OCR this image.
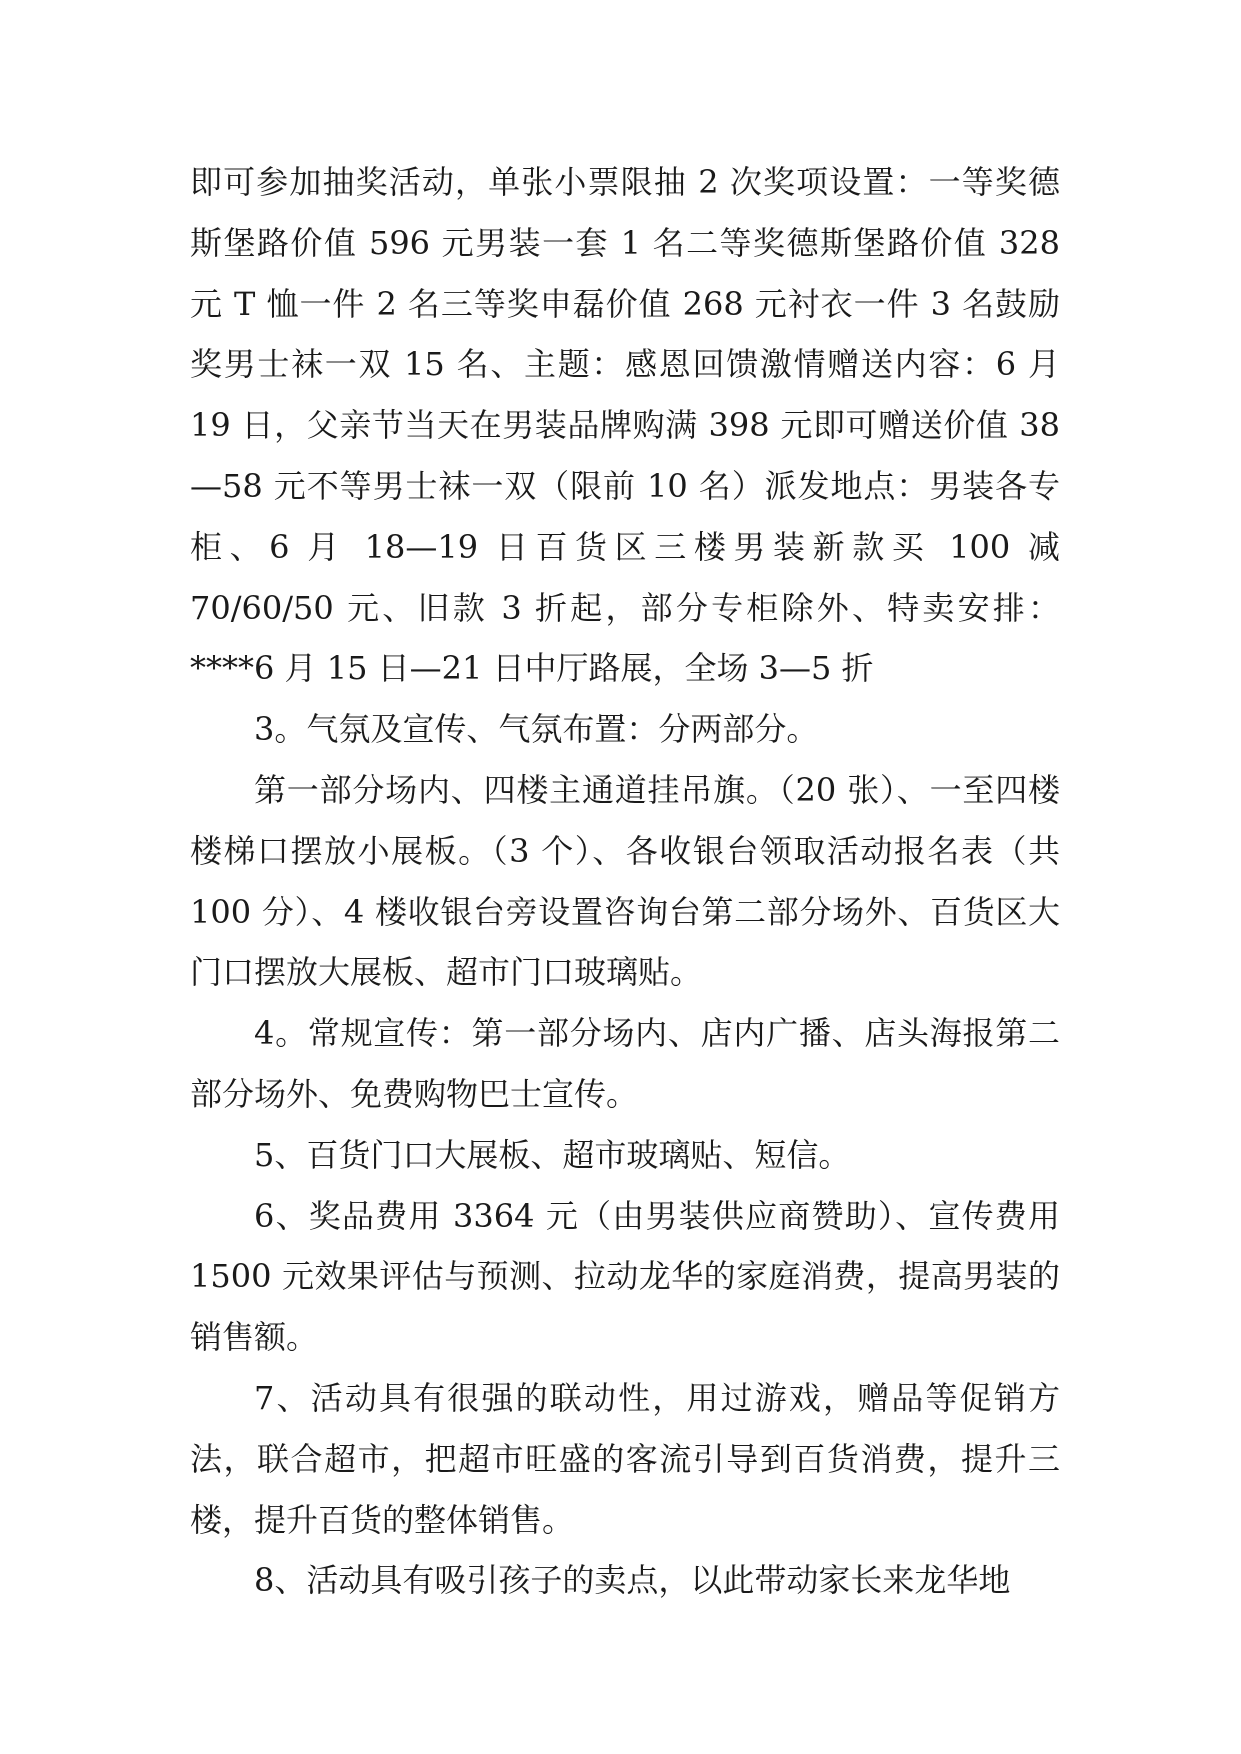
即可参加抽奖活动，单张小票限抽 2 次奖项设置：一等奖德斯堡路价值 596 元男装一套 1 名二等奖德斯堡路价值 328 元 T 恤一件 2 名三等奖申磊价值 268 元衬衣一件 3 名鼓励奖男士袜一双 15 名、主题：感恩回馈激情赠送内容：6 月 19 日，父亲节当天在男装品牌购满 398 元即可赠送价值 38—58 元不等男士袜一双（限前 10 名）派发地点：男装各专柜、6 月 18—19 日百货区三楼男装新款买 100 减 70/60/50 元、旧款 3 折起，部分专柜除外、特卖安排：****6 月 15 日—21 日中厅路展，全场 3—5 折

3。气氛及宣传、气氛布置：分两部分。

第一部分场内、四楼主通道挂吊旗。（20 张）、一至四楼楼梯口摆放小展板。（3 个）、各收银台领取活动报名表（共 100 分）、4 楼收银台旁设置咨询台第二部分场外、百货区大门口摆放大展板、超市门口玻璃贴。

4。常规宣传：第一部分场内、店内广播、店头海报第二部分场外、免费购物巴士宣传。

5、百货门口大展板、超市玻璃贴、短信。

6、奖品费用 3364 元（由男装供应商赞助）、宣传费用 1500 元效果评估与预测、拉动龙华的家庭消费，提高男装的销售额。

7、活动具有很强的联动性，用过游戏，赠品等促销方法，联合超市，把超市旺盛的客流引导到百货消费，提升三楼，提升百货的整体销售。

8、活动具有吸引孩子的卖点，以此带动家长来龙华地
